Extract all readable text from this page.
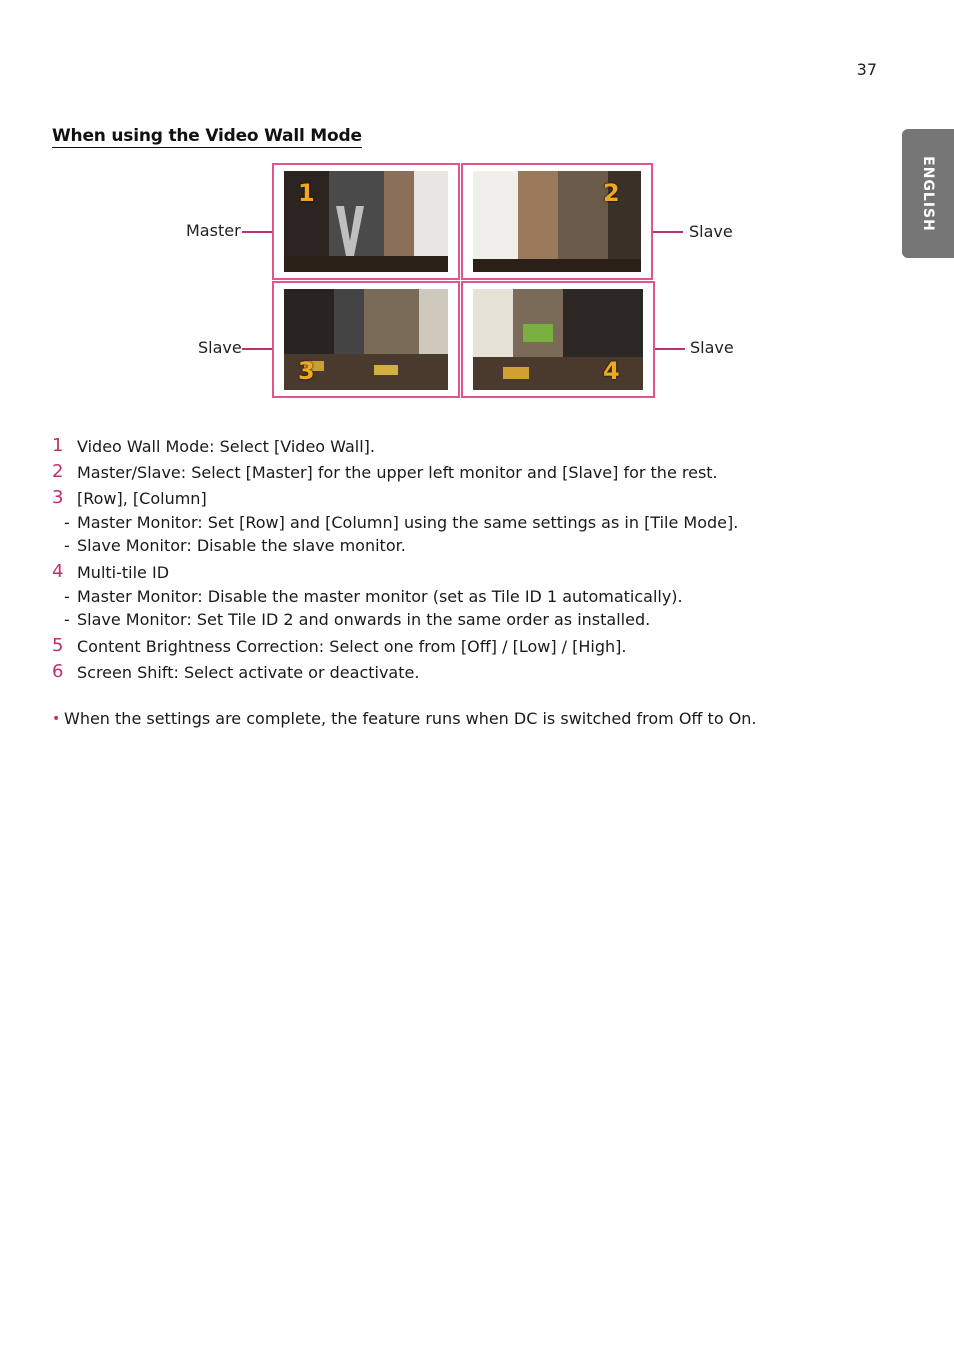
37
ENGLISH
When using the Video Wall Mode
1	2
3	4
Master	Slave
Slave	Slave
1 Video Wall Mode: Select [Video Wall].
2 Master/Slave: Select [Master] for the upper left monitor and [Slave] for the rest.
3 [Row], [Column]
- Master Monitor: Set [Row] and [Column] using the same settings as in [Tile Mode].
- Slave Monitor: Disable the slave monitor.
4 Multi-tile ID
- Master Monitor: Disable the master monitor (set as Tile ID 1 automatically).
- Slave Monitor: Set Tile ID 2 and onwards in the same order as installed.
5 Content Brightness Correction: Select one from [Off] / [Low] / [High].
6 Screen Shift: Select activate or deactivate.
• When the settings are complete, the feature runs when DC is switched from Off to On.
